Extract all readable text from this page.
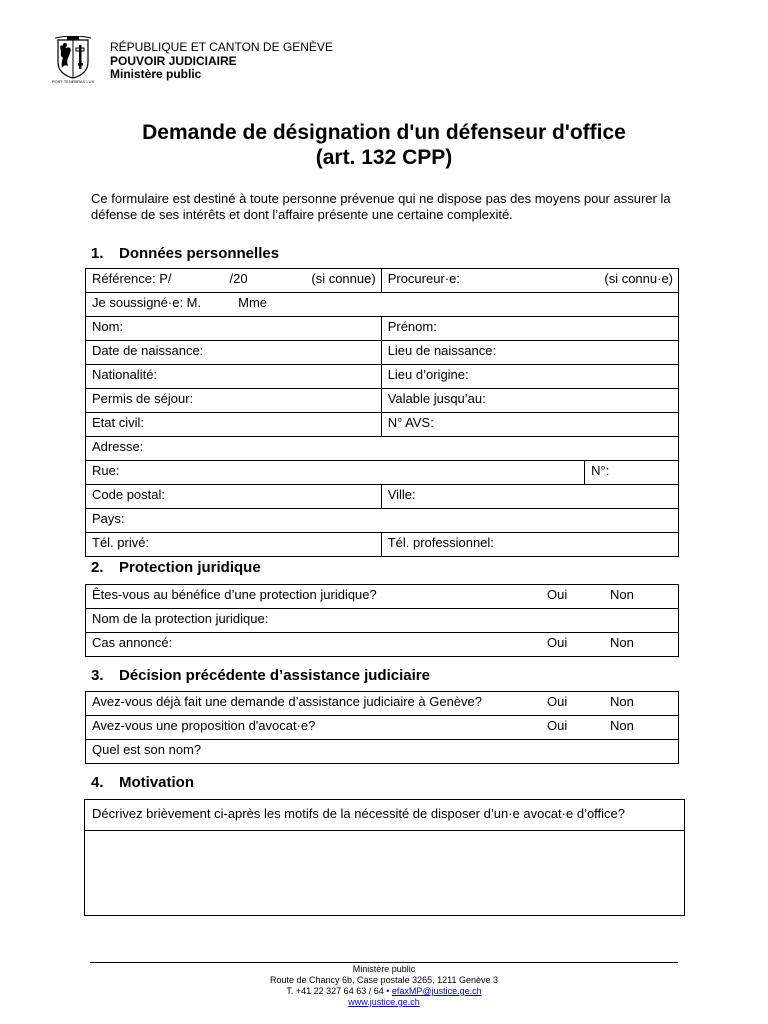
POST TENEBRAS LUX
RÉPUBLIQUE ET CANTON DE GENÈVE
POUVOIR JUDICIAIRE
Ministère public
Demande de désignation d'un défenseur d'office
(art. 132 CPP)
Ce formulaire est destiné à toute personne prévenue qui ne dispose pas des moyens pour assurer la défense de ses intérêts et dont l’affaire présente une certaine complexité.
1. Données personnelles
Référence: P/ /20 (si connue)	Procureur·e: (si connu·e)	

Je soussigné·e: M. Mme		
Nom:	Prénom:	
Date de naissance:	Lieu de naissance:	
Nationalité:	Lieu d’origine:	
Permis de séjour:	Valable jusqu’au:	
Etat civil:	N° AVS:	
Adresse:		
Rue:		N°:
Code postal:	Ville:	
Pays:		
Tél. privé:	Tél. professionnel:	
2. Protection juridique
Êtes-vous au bénéfice d’une protection juridique?	Oui	Non

Nom de la protection juridique:

Cas annoncé:	Oui	Non
3. Décision précédente d’assistance judiciaire
Avez-vous déjà fait une demande d’assistance judiciaire à Genève?	Oui	Non

Avez-vous une proposition d'avocat·e?	Oui	Non

Quel est son nom?
4. Motivation
Décrivez brièvement ci-après les motifs de la nécessité de disposer d’un·e avocat·e d’office?

Ministère public
Route de Chancy 6b, Case postale 3265, 1211 Genève 3
T. +41 22 327 64 63 / 64 • efaxMP@justice.ge.ch
www.justice.ge.ch
